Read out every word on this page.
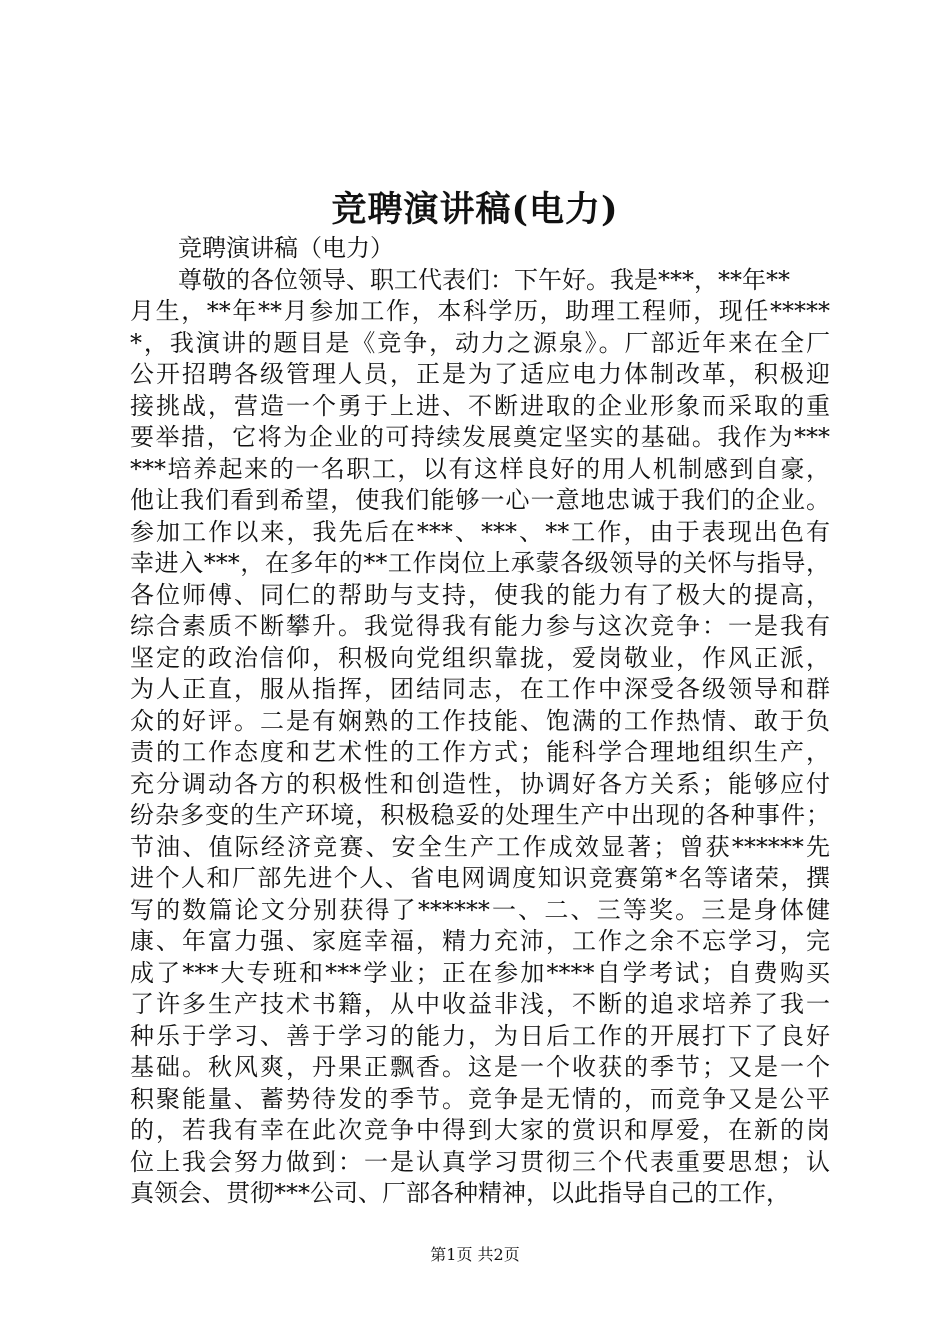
竞聘演讲稿(电力)
竞聘演讲稿（电力）
尊敬的各位领导、职工代表们：下午好。我是***，**年**
月生，**年**月参加工作，本科学历，助理工程师，现任*****
*，我演讲的题目是《竞争，动力之源泉》。厂部近年来在全厂
公开招聘各级管理人员，正是为了适应电力体制改革，积极迎
接挑战，营造一个勇于上进、不断进取的企业形象而采取的重
要举措，它将为企业的可持续发展奠定坚实的基础。我作为***
***培养起来的一名职工，以有这样良好的用人机制感到自豪，
他让我们看到希望，使我们能够一心一意地忠诚于我们的企业。
参加工作以来，我先后在***、***、**工作，由于表现出色有
幸进入***，在多年的**工作岗位上承蒙各级领导的关怀与指导，
各位师傅、同仁的帮助与支持，使我的能力有了极大的提高，
综合素质不断攀升。我觉得我有能力参与这次竞争：一是我有
坚定的政治信仰，积极向党组织靠拢，爱岗敬业，作风正派，
为人正直，服从指挥，团结同志，在工作中深受各级领导和群
众的好评。二是有娴熟的工作技能、饱满的工作热情、敢于负
责的工作态度和艺术性的工作方式；能科学合理地组织生产，
充分调动各方的积极性和创造性，协调好各方关系；能够应付
纷杂多变的生产环境，积极稳妥的处理生产中出现的各种事件；
节油、值际经济竞赛、安全生产工作成效显著；曾获******先
进个人和厂部先进个人、省电网调度知识竞赛第*名等诸荣，撰
写的数篇论文分别获得了******一、二、三等奖。三是身体健
康、年富力强、家庭幸福，精力充沛，工作之余不忘学习，完
成了***大专班和***学业；正在参加****自学考试；自费购买
了许多生产技术书籍，从中收益非浅，不断的追求培养了我一
种乐于学习、善于学习的能力，为日后工作的开展打下了良好
基础。秋风爽，丹果正飘香。这是一个收获的季节；又是一个
积聚能量、蓄势待发的季节。竞争是无情的，而竞争又是公平
的，若我有幸在此次竞争中得到大家的赏识和厚爱，在新的岗
位上我会努力做到：一是认真学习贯彻三个代表重要思想；认
真领会、贯彻***公司、厂部各种精神，以此指导自己的工作，
第1页 共2页
